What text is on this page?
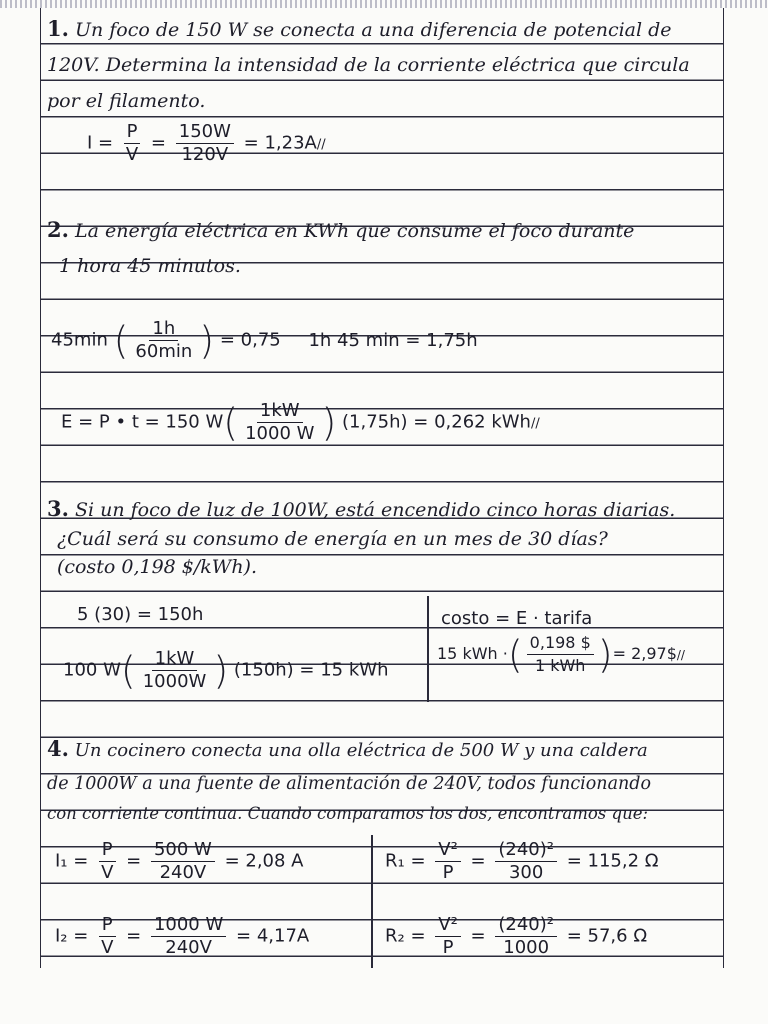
1. Un foco de 150 W se conecta a una diferencia de potencial de
120V. Determina la intensidad de la corriente eléctrica que circula
por el filamento.
$I = \frac{P}{V} = \frac{150W}{120V} = 1,23A//$
2. La energía eléctrica en KWh que consume el foco durante
1 hora 45 minutos.
45min ( $\frac{1h}{60\min}$ ) = 0,75 1h 45 min = 1,75h
E = P • t = 150 $W( \frac{1kW}{1000 W}$ ) (1,75h) = 0,262 kWh//
3. Si un foco de luz de 100W, está encendido cinco horas diarias.
¿Cuál será su consumo de energía en un mes de 30 días?
(costo 0,198 $/kWh).
5 (30) = 150h
100 $W( \frac{1kW}{1000W}$ ) (150h) = 15 kWh
costo = E · tarifa
15 kWh ·( $\frac{0,198 \$}{\text{1 kWh}}$ )= 2,97$//
4. Un cocinero conecta una olla eléctrica de 500 W y una caldera
de 1000W a una fuente de alimentación de 240V, todos funcionando
con corriente continua. Cuando comparamos los dos, encontramos que:
$I_1 = \frac{P}{V} = \frac{500 W}{240V} = 2,08$ A	$R_1 = \frac{\text{V²}}{P} = \frac{\text{(240)²}}{300} = 115,2$ Ω
$I_2 = \frac{P}{V} = \frac{1000 W}{240V} = 4,17A$	$R_2 = \frac{\text{V²}}{P} = \frac{\text{(240)²}}{1000} = 57,6$ Ω
